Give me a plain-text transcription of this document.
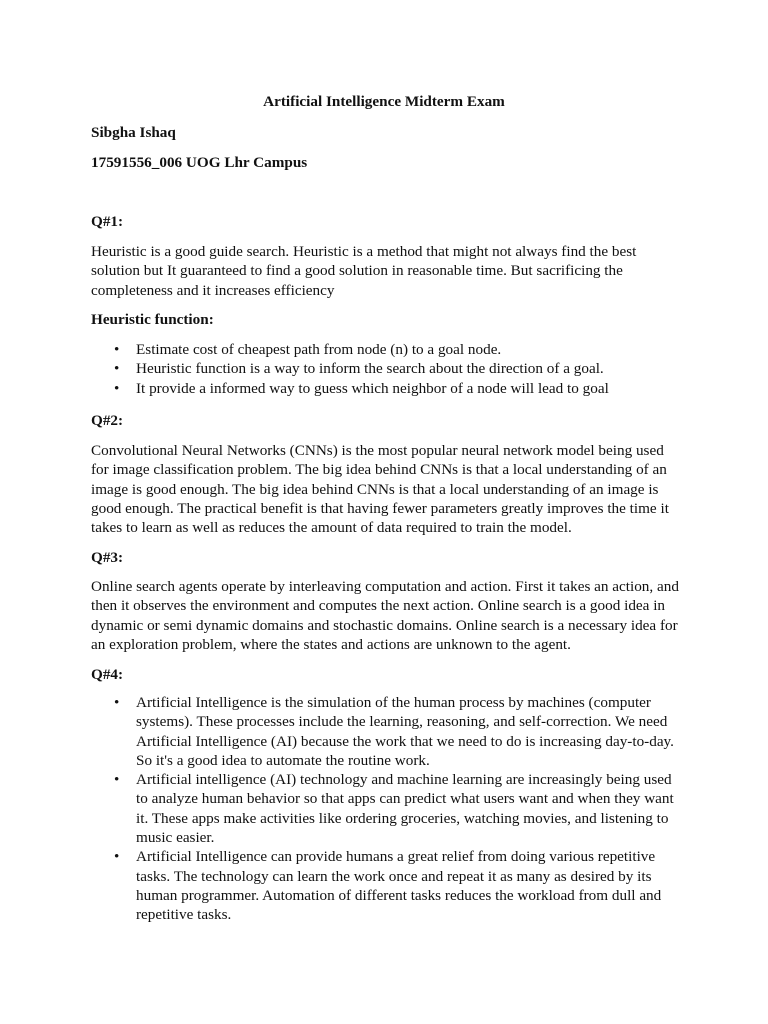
Artificial Intelligence Midterm Exam
Sibgha Ishaq
17591556_006 UOG Lhr Campus
Q#1:
Heuristic is a good guide search. Heuristic is a method that might not always find the best
solution but It guaranteed to find a good solution in reasonable time. But sacrificing the
completeness and it increases efficiency
Heuristic function:
• Estimate cost of cheapest path from node (n) to a goal node.
• Heuristic function is a way to inform the search about the direction of a goal.
• It provide a informed way to guess which neighbor of a node will lead to goal
Q#2:
Convolutional Neural Networks (CNNs) is the most popular neural network model being used
for image classification problem. The big idea behind CNNs is that a local understanding of an
image is good enough. The big idea behind CNNs is that a local understanding of an image is
good enough. The practical benefit is that having fewer parameters greatly improves the time it
takes to learn as well as reduces the amount of data required to train the model.
Q#3:
Online search agents operate by interleaving computation and action. First it takes an action, and
then it observes the environment and computes the next action. Online search is a good idea in
dynamic or semi dynamic domains and stochastic domains. Online search is a necessary idea for
an exploration problem, where the states and actions are unknown to the agent.
Q#4:
• Artificial Intelligence is the simulation of the human process by machines (computer
systems). These processes include the learning, reasoning, and self-correction. We need
Artificial Intelligence (AI) because the work that we need to do is increasing day-to-day.
So it's a good idea to automate the routine work.
• Artificial intelligence (AI) technology and machine learning are increasingly being used
to analyze human behavior so that apps can predict what users want and when they want
it. These apps make activities like ordering groceries, watching movies, and listening to
music easier.
• Artificial Intelligence can provide humans a great relief from doing various repetitive
tasks. The technology can learn the work once and repeat it as many as desired by its
human programmer. Automation of different tasks reduces the workload from dull and
repetitive tasks.
